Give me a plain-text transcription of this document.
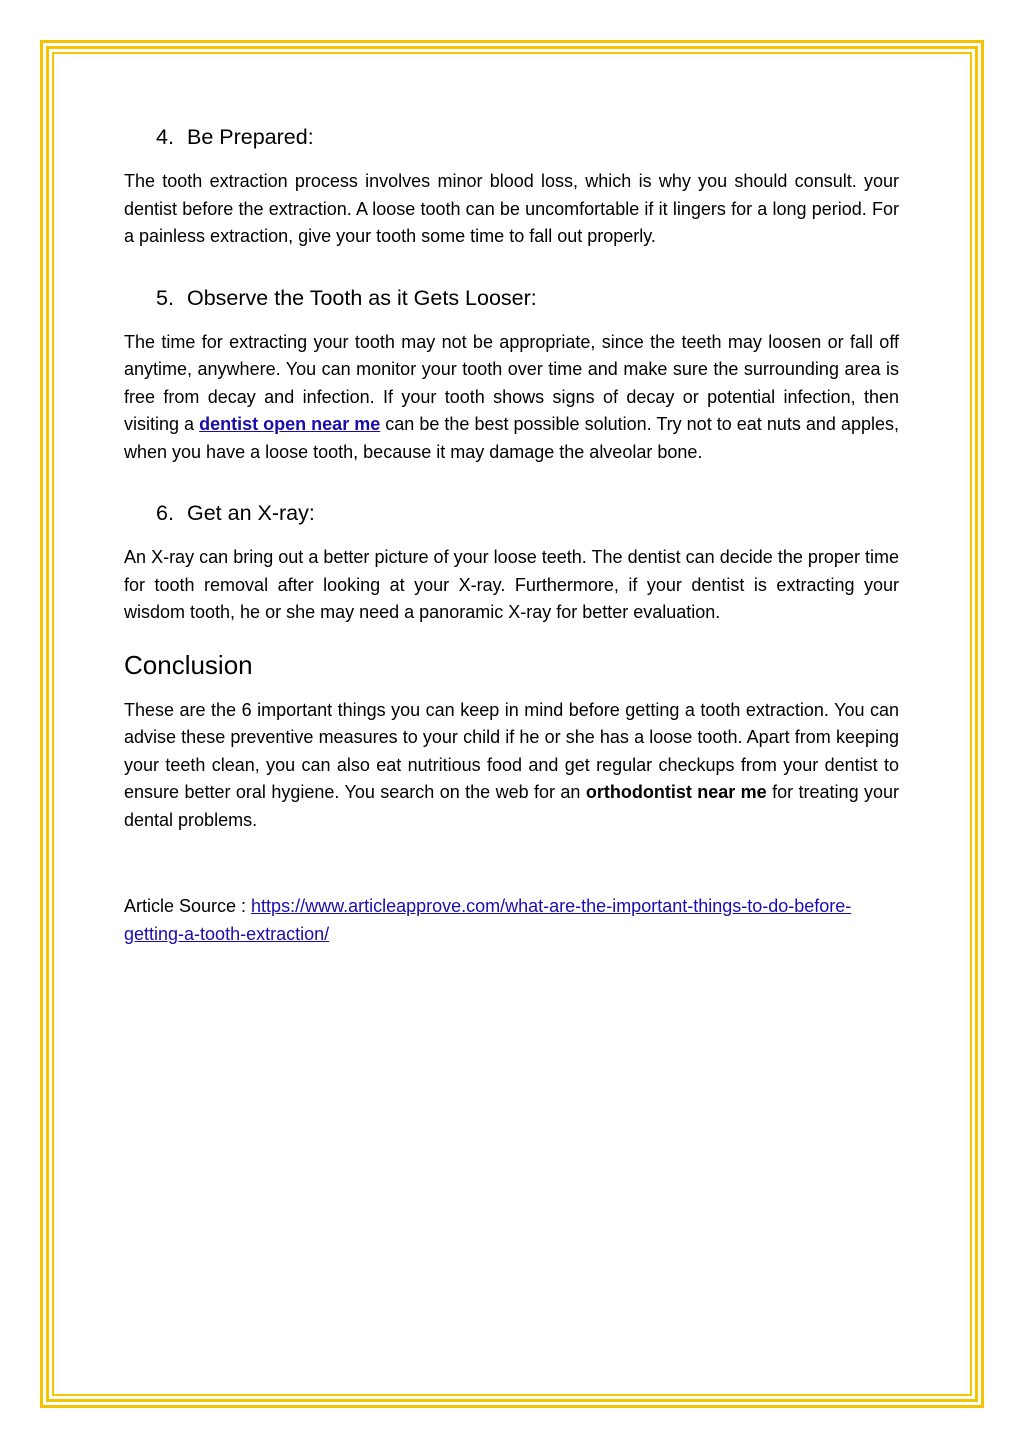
4. Be Prepared:

The tooth extraction process involves minor blood loss, which is why you should consult. your dentist before the extraction. A loose tooth can be uncomfortable if it lingers for a long period. For a painless extraction, give your tooth some time to fall out properly.

5. Observe the Tooth as it Gets Looser:

The time for extracting your tooth may not be appropriate, since the teeth may loosen or fall off anytime, anywhere. You can monitor your tooth over time and make sure the surrounding area is free from decay and infection. If your tooth shows signs of decay or potential infection, then visiting a dentist open near me can be the best possible solution. Try not to eat nuts and apples, when you have a loose tooth, because it may damage the alveolar bone.

6. Get an X-ray:

An X-ray can bring out a better picture of your loose teeth. The dentist can decide the proper time for tooth removal after looking at your X-ray. Furthermore, if your dentist is extracting your wisdom tooth, he or she may need a panoramic X-ray for better evaluation.

Conclusion

These are the 6 important things you can keep in mind before getting a tooth extraction. You can advise these preventive measures to your child if he or she has a loose tooth. Apart from keeping your teeth clean, you can also eat nutritious food and get regular checkups from your dentist to ensure better oral hygiene. You search on the web for an orthodontist near me for treating your dental problems.

Article Source : https://www.articleapprove.com/what-are-the-important-things-to-do-before-getting-a-tooth-extraction/
